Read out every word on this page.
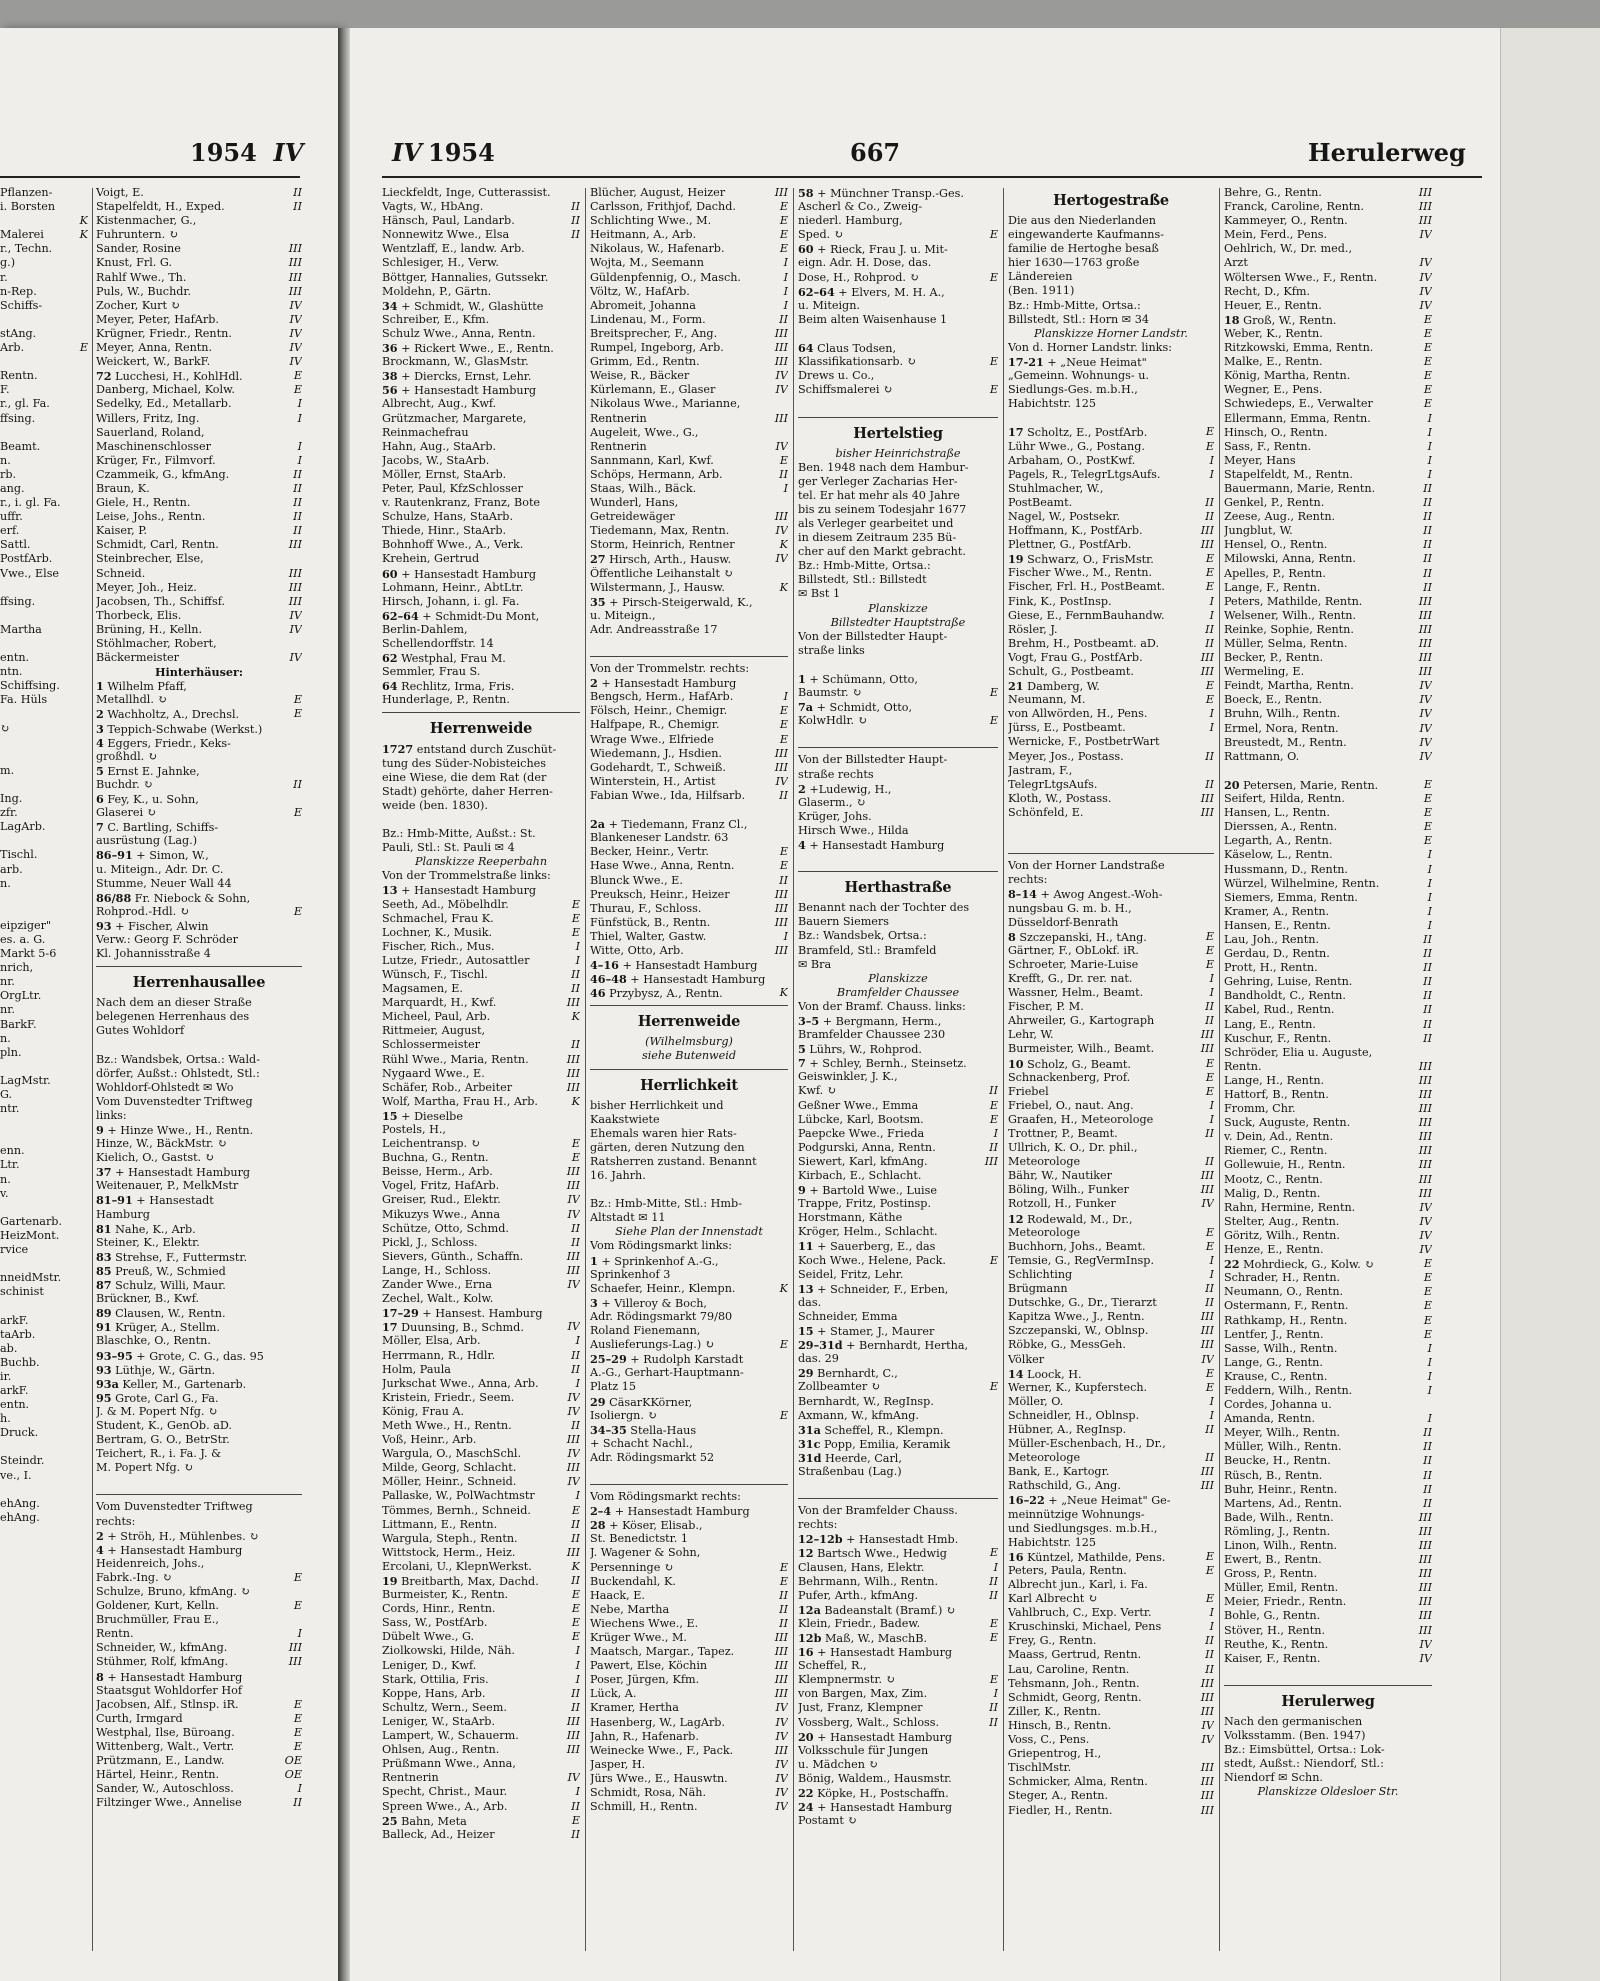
1954 IV
Pflanzen-
i. Borsten
K
K
Malerei
r., Techn.
g.)
r.
n-Rep.
Schiffs-
stAng.
E
Arb.
Rentn.
F.
r., gl. Fa.
ffsing.
Beamt.
n.
rb.
ang.
r., i. gl. Fa.
uffr.
erf.
Sattl.
PostfArb.
Vwe., Else
ffsing.
Martha
entn.
ntn.
Schiffsing.
Fa. Hüls
↻
m.
Ing.
zfr.
LagArb.
Tischl.
arb.
n.
eipziger"
es. a. G.
Markt 5-6
nrich,
nr.
OrgLtr.
nr.
BarkF.
n.
pln.
LagMstr.
G.
ntr.
enn.
Ltr.
n.
v.
Gartenarb.
HeizMont.
rvice
nneidMstr.
schinist
arkF.
taArb.
ab.
Buchb.
ir.
arkF.
entn.
h.
Druck.
Steindr.
ve., I.
ehAng.
ehAng.
II
Voigt, E.
II
Stapelfeldt, H., Exped.
Kistenmacher, G.,
Fuhruntern. ↻
III
Sander, Rosine
III
Knust, Frl. G.
III
Rahlf Wwe., Th.
III
Puls, W., Buchdr.
IV
Zocher, Kurt ↻
IV
Meyer, Peter, HafArb.
IV
Krügner, Friedr., Rentn.
IV
Meyer, Anna, Rentn.
IV
Weickert, W., BarkF.
E
72 Lucchesi, H., KohlHdl.
E
Danberg, Michael, Kolw.
I
Sedelky, Ed., Metallarb.
I
Willers, Fritz, Ing.
Sauerland, Roland,
I
Maschinenschlosser
I
Krüger, Fr., Filmvorf.
II
Czammeik, G., kfmAng.
II
Braun, K.
II
Giele, H., Rentn.
II
Leise, Johs., Rentn.
II
Kaiser, P.
III
Schmidt, Carl, Rentn.
Steinbrecher, Else,
III
Schneid.
III
Meyer, Joh., Heiz.
III
Jacobsen, Th., Schiffsf.
IV
Thorbeck, Elis.
IV
Brüning, H., Kelln.
Stöhlmacher, Robert,
IV
Bäckermeister
Hinterhäuser:
1 Wilhelm Pfaff,
E
Metallhdl. ↻
E
2 Wachholtz, A., Drechsl.
3 Teppich-Schwabe (Werkst.)
4 Eggers, Friedr., Keks-
großhdl. ↻
5 Ernst E. Jahnke,
II
Buchdr. ↻
6 Fey, K., u. Sohn,
E
Glaserei ↻
7 C. Bartling, Schiffs-
ausrüstung (Lag.)
86–91 + Simon, W.,
u. Miteign., Adr. Dr. C.
Stumme, Neuer Wall 44
86/88 Fr. Niebock & Sohn,
E
Rohprod.-Hdl. ↻
93 + Fischer, Alwin
Verw.: Georg F. Schröder
Kl. Johannisstraße 4
Herrenhausallee
Nach dem an dieser Straße
belegenen Herrenhaus des
Gutes Wohldorf
Bz.: Wandsbek, Ortsa.: Wald-
dörfer, Außst.: Ohlstedt, Stl.:
Wohldorf-Ohlstedt ✉ Wo
Vom Duvenstedter Triftweg
links:
9 + Hinze Wwe., H., Rentn.
Hinze, W., BäckMstr. ↻
Kielich, O., Gastst. ↻
37 + Hansestadt Hamburg
Weitenauer, P., MelkMstr
81–91 + Hansestadt
Hamburg
81 Nahe, K., Arb.
Steiner, K., Elektr.
83 Strehse, F., Futtermstr.
85 Preuß, W., Schmied
87 Schulz, Willi, Maur.
Brückner, B., Kwf.
89 Clausen, W., Rentn.
91 Krüger, A., Stellm.
Blaschke, O., Rentn.
93–95 + Grote, C. G., das. 95
93 Lüthje, W., Gärtn.
93a Keller, M., Gartenarb.
95 Grote, Carl G., Fa.
J. & M. Popert Nfg. ↻
Student, K., GenOb. aD.
Bertram, G. O., BetrStr.
Teichert, R., i. Fa. J. &
M. Popert Nfg. ↻
Vom Duvenstedter Triftweg
rechts:
2 + Ströh, H., Mühlenbes. ↻
4 + Hansestadt Hamburg
Heidenreich, Johs.,
E
Fabrk.-Ing. ↻
Schulze, Bruno, kfmAng. ↻
E
Goldener, Kurt, Kelln.
Bruchmüller, Frau E.,
I
Rentn.
III
Schneider, W., kfmAng.
III
Stühmer, Rolf, kfmAng.
8 + Hansestadt Hamburg
Staatsgut Wohldorfer Hof
E
Jacobsen, Alf., Stlnsp. iR.
E
Curth, Irmgard
E
Westphal, Ilse, Büroang.
E
Wittenberg, Walt., Vertr.
OE
Prützmann, E., Landw.
OE
Härtel, Heinr., Rentn.
I
Sander, W., Autoschloss.
II
Filtzinger Wwe., Annelise
IV 1954	667	Herulerweg
Lieckfeldt, Inge, Cutterassist.
II
Vagts, W., HbAng.
II
Hänsch, Paul, Landarb.
II
Nonnewitz Wwe., Elsa
Wentzlaff, E., landw. Arb.
Schlesiger, H., Verw.
Böttger, Hannalies, Gutssekr.
Moldehn, P., Gärtn.
34 + Schmidt, W., Glashütte
Schreiber, E., Kfm.
Schulz Wwe., Anna, Rentn.
36 + Rickert Wwe., E., Rentn.
Brockmann, W., GlasMstr.
38 + Diercks, Ernst, Lehr.
56 + Hansestadt Hamburg
Albrecht, Aug., Kwf.
Grützmacher, Margarete,
Reinmachefrau
Hahn, Aug., StaArb.
Jacobs, W., StaArb.
Möller, Ernst, StaArb.
Peter, Paul, KfzSchlosser
v. Rautenkranz, Franz, Bote
Schulze, Hans, StaArb.
Thiede, Hinr., StaArb.
Bohnhoff Wwe., A., Verk.
Krehein, Gertrud
60 + Hansestadt Hamburg
Lohmann, Heinr., AbtLtr.
Hirsch, Johann, i. gl. Fa.
62–64 + Schmidt-Du Mont,
Berlin-Dahlem,
Schellendorffstr. 14
62 Westphal, Frau M.
Semmler, Frau S.
64 Rechlitz, Irma, Fris.
Hunderlage, P., Rentn.
Herrenweide
1727 entstand durch Zuschüt-
tung des Süder-Nobisteiches
eine Wiese, die dem Rat (der
Stadt) gehörte, daher Herren-
weide (ben. 1830).
Bz.: Hmb-Mitte, Außst.: St.
Pauli, Stl.: St. Pauli ✉ 4
Planskizze Reeperbahn
Von der Trommelstraße links:
13 + Hansestadt Hamburg
E
Seeth, Ad., Möbelhdlr.
E
Schmachel, Frau K.
E
Lochner, K., Musik.
I
Fischer, Rich., Mus.
I
Lutze, Friedr., Autosattler
II
Wünsch, F., Tischl.
II
Magsamen, E.
III
Marquardt, H., Kwf.
K
Micheel, Paul, Arb.
Rittmeier, August,
II
Schlossermeister
III
Rühl Wwe., Maria, Rentn.
III
Nygaard Wwe., E.
III
Schäfer, Rob., Arbeiter
K
Wolf, Martha, Frau H., Arb.
15 + Dieselbe
Postels, H.,
E
Leichentransp. ↻
E
Buchna, G., Rentn.
III
Beisse, Herm., Arb.
III
Vogel, Fritz, HafArb.
IV
Greiser, Rud., Elektr.
IV
Mikuzys Wwe., Anna
II
Schütze, Otto, Schmd.
II
Pickl, J., Schloss.
III
Sievers, Günth., Schaffn.
III
Lange, H., Schloss.
IV
Zander Wwe., Erna
Zechel, Walt., Kolw.
17–29 + Hansest. Hamburg
IV
17 Duunsing, B., Schmd.
I
Möller, Elsa, Arb.
II
Herrmann, R., Hdlr.
II
Holm, Paula
I
Jurkschat Wwe., Anna, Arb.
IV
Kristein, Friedr., Seem.
IV
König, Frau A.
II
Meth Wwe., H., Rentn.
III
Voß, Heinr., Arb.
IV
Wargula, O., MaschSchl.
III
Milde, Georg, Schlacht.
IV
Möller, Heinr., Schneid.
I
Pallaske, W., PolWachtmstr
E
Tömmes, Bernh., Schneid.
II
Littmann, E., Rentn.
II
Wargula, Steph., Rentn.
III
Wittstock, Herm., Heiz.
K
Ercolani, U., KlepnWerkst.
II
19 Breitbarth, Max, Dachd.
E
Burmeister, K., Rentn.
E
Cords, Hinr., Rentn.
E
Sass, W., PostfArb.
E
Dübelt Wwe., G.
I
Ziolkowski, Hilde, Näh.
I
Leniger, D., Kwf.
I
Stark, Ottilia, Fris.
II
Koppe, Hans, Arb.
II
Schultz, Wern., Seem.
III
Leniger, W., StaArb.
III
Lampert, W., Schauerm.
III
Ohlsen, Aug., Rentn.
Prüßmann Wwe., Anna,
IV
Rentnerin
I
Specht, Christ., Maur.
II
Spreen Wwe., A., Arb.
E
25 Bahn, Meta
II
Balleck, Ad., Heizer
III
Blücher, August, Heizer
E
Carlsson, Frithjof, Dachd.
E
Schlichting Wwe., M.
E
Heitmann, A., Arb.
E
Nikolaus, W., Hafenarb.
I
Wojta, M., Seemann
I
Güldenpfennig, O., Masch.
I
Völtz, W., HafArb.
I
Abromeit, Johanna
II
Lindenau, M., Form.
III
Breitsprecher, F., Ang.
III
Rumpel, Ingeborg, Arb.
III
Grimm, Ed., Rentn.
IV
Weise, R., Bäcker
IV
Kürlemann, E., Glaser
Nikolaus Wwe., Marianne,
III
Rentnerin
Augeleit, Wwe., G.,
IV
Rentnerin
E
Sannmann, Karl, Kwf.
II
Schöps, Hermann, Arb.
I
Staas, Wilh., Bäck.
Wunderl, Hans,
III
Getreidewäger
IV
Tiedemann, Max, Rentn.
K
Storm, Heinrich, Rentner
IV
27 Hirsch, Arth., Hausw.
Öffentliche Leihanstalt ↻
K
Wilstermann, J., Hausw.
35 + Pirsch-Steigerwald, K.,
u. Miteign.,
Adr. Andreasstraße 17
Von der Trommelstr. rechts:
2 + Hansestadt Hamburg
I
Bengsch, Herm., HafArb.
E
Fölsch, Heinr., Chemigr.
E
Halfpape, R., Chemigr.
E
Wrage Wwe., Elfriede
III
Wiedemann, J., Hsdien.
III
Godehardt, T., Schweiß.
IV
Winterstein, H., Artist
II
Fabian Wwe., Ida, Hilfsarb.
2a + Tiedemann, Franz Cl.,
Blankeneser Landstr. 63
E
Becker, Heinr., Vertr.
E
Hase Wwe., Anna, Rentn.
II
Blunck Wwe., E.
III
Preuksch, Heinr., Heizer
III
Thurau, F., Schloss.
III
Fünfstück, B., Rentn.
I
Thiel, Walter, Gastw.
III
Witte, Otto, Arb.
4–16 + Hansestadt Hamburg
46–48 + Hansestadt Hamburg
K
46 Przybysz, A., Rentn.
Herrenweide
(Wilhelmsburg)
siehe Butenweid
Herrlichkeit
bisher Herrlichkeit und
Kaakstwiete
Ehemals waren hier Rats-
gärten, deren Nutzung den
Ratsherren zustand. Benannt
16. Jahrh.
Bz.: Hmb-Mitte, Stl.: Hmb-
Altstadt ✉ 11
Siehe Plan der Innenstadt
Vom Rödingsmarkt links:
1 + Sprinkenhof A.-G.,
Sprinkenhof 3
K
Schaefer, Heinr., Klempn.
3 + Villeroy & Boch,
Adr. Rödingsmarkt 79/80
Roland Fienemann,
E
Auslieferungs-Lag.) ↻
25–29 + Rudolph Karstadt
A.-G., Gerhart-Hauptmann-
Platz 15
29 CäsarKKörner,
E
Isoliergn. ↻
34–35 Stella-Haus
+ Schacht Nachl.,
Adr. Rödingsmarkt 52
Vom Rödingsmarkt rechts:
2–4 + Hansestadt Hamburg
28 + Köser, Elisab.,
St. Benedictstr. 1
J. Wagener & Sohn,
E
Persenninge ↻
E
Buckendahl, K.
II
Haack, E.
II
Nebe, Martha
II
Wiechens Wwe., E.
III
Krüger Wwe., M.
III
Maatsch, Margar., Tapez.
III
Pawert, Else, Köchin
III
Poser, Jürgen, Kfm.
III
Lück, A.
IV
Kramer, Hertha
IV
Hasenberg, W., LagArb.
IV
Jahn, R., Hafenarb.
III
Weinecke Wwe., F., Pack.
IV
Jasper, H.
IV
Jürs Wwe., E., Hauswtn.
IV
Schmidt, Rosa, Näh.
IV
Schmill, H., Rentn.
58 + Münchner Transp.-Ges.
Ascherl & Co., Zweig-
niederl. Hamburg,
E
Sped. ↻
60 + Rieck, Frau J. u. Mit-
eign. Adr. H. Dose, das.
E
Dose, H., Rohprod. ↻
62–64 + Elvers, M. H. A.,
u. Miteign.
Beim alten Waisenhause 1
64 Claus Todsen,
E
Klassifikationsarb. ↻
Drews u. Co.,
E
Schiffsmalerei ↻
Hertelstieg
bisher Heinrichstraße
Ben. 1948 nach dem Hambur-
ger Verleger Zacharias Her-
tel. Er hat mehr als 40 Jahre
bis zu seinem Todesjahr 1677
als Verleger gearbeitet und
in diesem Zeitraum 235 Bü-
cher auf den Markt gebracht.
Bz.: Hmb-Mitte, Ortsa.:
Billstedt, Stl.: Billstedt
✉ Bst 1
Planskizze
Billstedter Hauptstraße
Von der Billstedter Haupt-
straße links
1 + Schümann, Otto,
E
Baumstr. ↻
7a + Schmidt, Otto,
E
KolwHdlr. ↻
Von der Billstedter Haupt-
straße rechts
2 +Ludewig, H.,
Glaserm., ↻
Krüger, Johs.
Hirsch Wwe., Hilda
4 + Hansestadt Hamburg
Herthastraße
Benannt nach der Tochter des
Bauern Siemers
Bz.: Wandsbek, Ortsa.:
Bramfeld, Stl.: Bramfeld
✉ Bra
Planskizze
Bramfelder Chaussee
Von der Bramf. Chauss. links:
3–5 + Bergmann, Herm.,
Bramfelder Chaussee 230
5 Lührs, W., Rohprod.
7 + Schley, Bernh., Steinsetz.
Geiswinkler, J. K.,
II
Kwf. ↻
E
Geßner Wwe., Emma
E
Lübcke, Karl, Bootsm.
I
Paepcke Wwe., Frieda
II
Podgurski, Anna, Rentn.
III
Siewert, Karl, kfmAng.
Kirbach, E., Schlacht.
9 + Bartold Wwe., Luise
Trappe, Fritz, Postinsp.
Horstmann, Käthe
Kröger, Helm., Schlacht.
11 + Sauerberg, E., das
E
Koch Wwe., Helene, Pack.
Seidel, Fritz, Lehr.
13 + Schneider, F., Erben,
das.
Schneider, Emma
15 + Stamer, J., Maurer
29–31d + Bernhardt, Hertha,
das. 29
29 Bernhardt, C.,
E
Zollbeamter ↻
Bernhardt, W., RegInsp.
Axmann, W., kfmAng.
31a Scheffel, R., Klempn.
31c Popp, Emilia, Keramik
31d Heerde, Carl,
Straßenbau (Lag.)
Von der Bramfelder Chauss.
rechts:
12–12b + Hansestadt Hmb.
E
12 Bartsch Wwe., Hedwig
I
Clausen, Hans, Elektr.
II
Behrmann, Wilh., Rentn.
II
Pufer, Arth., kfmAng.
12a Badeanstalt (Bramf.) ↻
E
Klein, Friedr., Badew.
E
12b Maß, W., MaschB.
16 + Hansestadt Hamburg
Scheffel, R.,
E
Klempnermstr. ↻
I
von Bargen, Max, Zim.
II
Just, Franz, Klempner
II
Vossberg, Walt., Schloss.
20 + Hansestadt Hamburg
Volksschule für Jungen
u. Mädchen ↻
Bönig, Waldem., Hausmstr.
22 Köpke, H., Postschaffn.
24 + Hansestadt Hamburg
Postamt ↻
Hertogestraße
Die aus den Niederlanden
eingewanderte Kaufmanns-
familie de Hertoghe besaß
hier 1630—1763 große
Ländereien
(Ben. 1911)
Bz.: Hmb-Mitte, Ortsa.:
Billstedt, Stl.: Horn ✉ 34
Planskizze Horner Landstr.
Von d. Horner Landstr. links:
17-21 + „Neue Heimat"
„Gemeinn. Wohnungs- u.
Siedlungs-Ges. m.b.H.,
Habichtstr. 125
E
17 Scholtz, E., PostfArb.
E
Lühr Wwe., G., Postang.
I
Arbaham, O., PostKwf.
I
Pagels, R., TelegrLtgsAufs.
Stuhlmacher, W.,
II
PostBeamt.
II
Nagel, W., Postsekr.
III
Hoffmann, K., PostfArb.
III
Plettner, G., PostfArb.
E
19 Schwarz, O., FrisMstr.
E
Fischer Wwe., M., Rentn.
E
Fischer, Frl. H., PostBeamt.
I
Fink, K., PostInsp.
I
Giese, E., FernmBauhandw.
II
Rösler, J.
II
Brehm, H., Postbeamt. aD.
III
Vogt, Frau G., PostfArb.
III
Schult, G., Postbeamt.
E
21 Damberg, W.
E
Neumann, M.
I
von Allwörden, H., Pens.
I
Jürss, E., Postbeamt.
Wernicke, F., PostbetrWart
II
Meyer, Jos., Postass.
Jastram, F.,
II
TelegrLtgsAufs.
III
Kloth, W., Postass.
III
Schönfeld, E.
Von der Horner Landstraße
rechts:
8–14 + Awog Angest.-Woh-
nungsbau G. m. b. H.,
Düsseldorf-Benrath
E
8 Szczepanski, H., tAng.
E
Gärtner, F., ObLokf. iR.
E
Schroeter, Marie-Luise
I
Krefft, G., Dr. rer. nat.
I
Wassner, Helm., Beamt.
II
Fischer, P. M.
II
Ahrweiler, G., Kartograph
III
Lehr, W.
III
Burmeister, Wilh., Beamt.
E
10 Scholz, G., Beamt.
E
Schnackenberg, Prof.
E
Friebel
I
Friebel, O., naut. Ang.
I
Graafen, H., Meteorologe
II
Trottner, P., Beamt.
Ullrich, K. O., Dr. phil.,
II
Meteorologe
III
Bähr, W., Nautiker
III
Böling, Wilh., Funker
IV
Rotzoll, H., Funker
12 Rodewald, M., Dr.,
E
Meteorologe
E
Buchhorn, Johs., Beamt.
I
Temsie, G., RegVermInsp.
I
Schlichting
II
Brügmann
II
Dutschke, G., Dr., Tierarzt
III
Kapitza Wwe., J., Rentn.
III
Szczepanski, W., Oblnsp.
III
Röbke, G., MessGeh.
IV
Völker
E
14 Loock, H.
E
Werner, K., Kupferstech.
I
Möller, O.
I
Schneidler, H., Oblnsp.
II
Hübner, A., RegInsp.
Müller-Eschenbach, H., Dr.,
II
Meteorologe
III
Bank, E., Kartogr.
III
Rathschild, G., Ang.
16–22 + „Neue Heimat" Ge-
meinnützige Wohnungs-
und Siedlungsges. m.b.H.,
Habichtstr. 125
E
16 Küntzel, Mathilde, Pens.
E
Peters, Paula, Rentn.
Albrecht jun., Karl, i. Fa.
E
Karl Albrecht ↻
I
Vahlbruch, C., Exp. Vertr.
I
Kruschinski, Michael, Pens
II
Frey, G., Rentn.
II
Maass, Gertrud, Rentn.
II
Lau, Caroline, Rentn.
III
Tehsmann, Joh., Rentn.
III
Schmidt, Georg, Rentn.
III
Ziller, K., Rentn.
IV
Hinsch, B., Rentn.
IV
Voss, C., Pens.
Griepentrog, H.,
III
TischlMstr.
III
Schmicker, Alma, Rentn.
III
Steger, A., Rentn.
III
Fiedler, H., Rentn.
III
Behre, G., Rentn.
III
Franck, Caroline, Rentn.
III
Kammeyer, O., Rentn.
IV
Mein, Ferd., Pens.
Oehlrich, W., Dr. med.,
IV
Arzt
IV
Wöltersen Wwe., F., Rentn.
IV
Recht, D., Kfm.
IV
Heuer, E., Rentn.
E
18 Groß, W., Rentn.
E
Weber, K., Rentn.
E
Ritzkowski, Emma, Rentn.
E
Malke, E., Rentn.
E
König, Martha, Rentn.
E
Wegner, E., Pens.
E
Schwiedeps, E., Verwalter
I
Ellermann, Emma, Rentn.
I
Hinsch, O., Rentn.
I
Sass, F., Rentn.
I
Meyer, Hans
I
Stapelfeldt, M., Rentn.
II
Bauermann, Marie, Rentn.
II
Genkel, P., Rentn.
II
Zeese, Aug., Rentn.
II
Jungblut, W.
II
Hensel, O., Rentn.
II
Milowski, Anna, Rentn.
II
Apelles, P., Rentn.
II
Lange, F., Rentn.
III
Peters, Mathilde, Rentn.
III
Welsener, Wilh., Rentn.
III
Reinke, Sophie, Rentn.
III
Müller, Selma, Rentn.
III
Becker, P., Rentn.
III
Wermeling, E.
IV
Feindt, Martha, Rentn.
IV
Boeck, E., Rentn.
IV
Bruhn, Wilh., Rentn.
IV
Ermel, Nora, Rentn.
IV
Breustedt, M., Rentn.
IV
Rattmann, O.
E
20 Petersen, Marie, Rentn.
E
Seifert, Hilda, Rentn.
E
Hansen, L., Rentn.
E
Dierssen, A., Rentn.
E
Legarth, A., Rentn.
I
Käselow, L., Rentn.
I
Hussmann, D., Rentn.
I
Würzel, Wilhelmine, Rentn.
I
Siemers, Emma, Rentn.
I
Kramer, A., Rentn.
I
Hansen, E., Rentn.
II
Lau, Joh., Rentn.
II
Gerdau, D., Rentn.
II
Prott, H., Rentn.
II
Gehring, Luise, Rentn.
II
Bandholdt, C., Rentn.
II
Kabel, Rud., Rentn.
II
Lang, E., Rentn.
II
Kuschur, F., Rentn.
Schröder, Elia u. Auguste,
III
Rentn.
III
Lange, H., Rentn.
III
Hattorf, B., Rentn.
III
Fromm, Chr.
III
Suck, Auguste, Rentn.
III
v. Dein, Ad., Rentn.
III
Riemer, C., Rentn.
III
Gollewuie, H., Rentn.
III
Mootz, C., Rentn.
III
Malig, D., Rentn.
IV
Rahn, Hermine, Rentn.
IV
Stelter, Aug., Rentn.
IV
Göritz, Wilh., Rentn.
IV
Henze, E., Rentn.
E
22 Mohrdieck, G., Kolw. ↻
E
Schrader, H., Rentn.
E
Neumann, O., Rentn.
E
Ostermann, F., Rentn.
E
Rathkamp, H., Rentn.
E
Lentfer, J., Rentn.
I
Sasse, Wilh., Rentn.
I
Lange, G., Rentn.
I
Krause, C., Rentn.
I
Feddern, Wilh., Rentn.
Cordes, Johanna u.
I
Amanda, Rentn.
II
Meyer, Wilh., Rentn.
II
Müller, Wilh., Rentn.
II
Beucke, H., Rentn.
II
Rüsch, B., Rentn.
II
Buhr, Heinr., Rentn.
II
Martens, Ad., Rentn.
III
Bade, Wilh., Rentn.
III
Römling, J., Rentn.
III
Linon, Wilh., Rentn.
III
Ewert, B., Rentn.
III
Gross, P., Rentn.
III
Müller, Emil, Rentn.
III
Meier, Friedr., Rentn.
III
Bohle, G., Rentn.
III
Stöver, H., Rentn.
IV
Reuthe, K., Rentn.
IV
Kaiser, F., Rentn.
Herulerweg
Nach den germanischen
Volksstamm. (Ben. 1947)
Bz.: Eimsbüttel, Ortsa.: Lok-
stedt, Außst.: Niendorf, Stl.:
Niendorf ✉ Schn.
Planskizze Oldesloer Str.
